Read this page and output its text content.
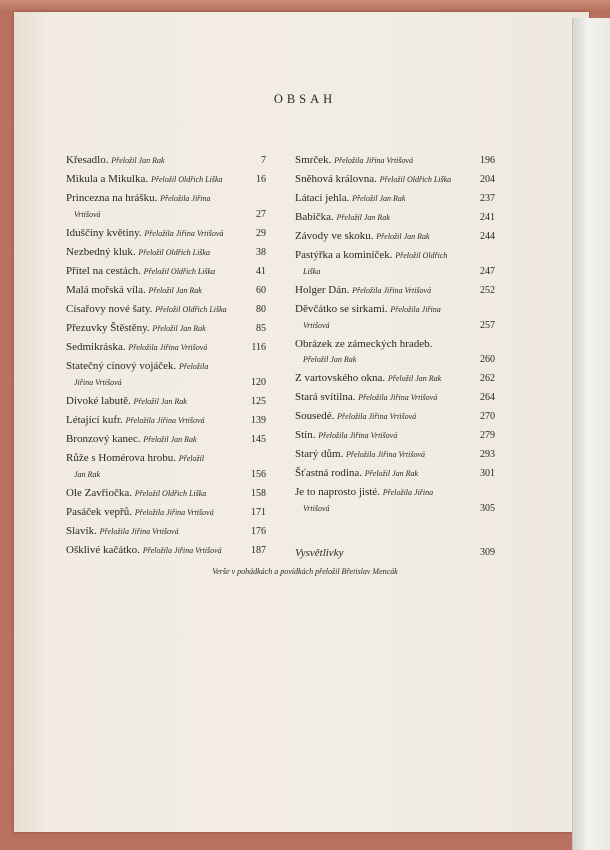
OBSAH
Křesadlo. Přeložil Jan Rak	7
Mikula a Mikulka. Přeložil Oldřich Liška	16
Princezna na hrášku. Přeložila Jiřina
Vrtišová	27
Iduščiny květiny. Přeložila Jiřina Vrtišová	29
Nezbedný kluk. Přeložil Oldřich Liška	38
Přítel na cestách. Přeložil Oldřich Liška	41
Malá mořská víla. Přeložil Jan Rak	60
Císařovy nové šaty. Přeložil Oldřich Liška	80
Přezuvky Štěstěny. Přeložil Jan Rak	85
Sedmikráska. Přeložila Jiřina Vrtišová	116
Statečný cínový vojáček. Přeložila
Jiřina Vrtišová	120
Divoké labutě. Přeložil Jan Rak	125
Létající kufr. Přeložila Jiřina Vrtišová	139
Bronzový kanec. Přeložil Jan Rak	145
Růže s Homérova hrobu. Přeložil
Jan Rak	156
Ole Zavřiočka. Přeložil Oldřich Liška	158
Pasáček vepřů. Přeložila Jiřina Vrtišová	171
Slavík. Přeložila Jiřina Vrtišová	176
Ošklivé kačátko. Přeložila Jiřina Vrtišová	187
Smrček. Přeložila Jiřina Vrtišová	196
Sněhová královna. Přeložil Oldřich Liška	204
Látací jehla. Přeložil Jan Rak	237
Babička. Přeložil Jan Rak	241
Závody ve skoku. Přeložil Jan Rak	244
Pastýřka a kominíček. Přeložil Oldřich
Liška	247
Holger Dán. Přeložila Jiřina Vrtišová	252
Děvčátko se sirkami. Přeložila Jiřina
Vrtišová	257
Obrázek ze zámeckých hradeb.
Přeložil Jan Rak	260
Z vartovského okna. Přeložil Jan Rak	262
Stará svítilna. Přeložila Jiřina Vrtišová	264
Sousedé. Přeložila Jiřina Vrtišová	270
Stín. Přeložila Jiřina Vrtišová	279
Starý dům. Přeložila Jiřina Vrtišová	293
Šťastná rodina. Přeložil Jan Rak	301
Je to naprosto jisté. Přeložila Jiřina
Vrtišová	305
Vysvětlivky	309
Verše v pohádkách a povídkách přeložil Břetislav Mencák
